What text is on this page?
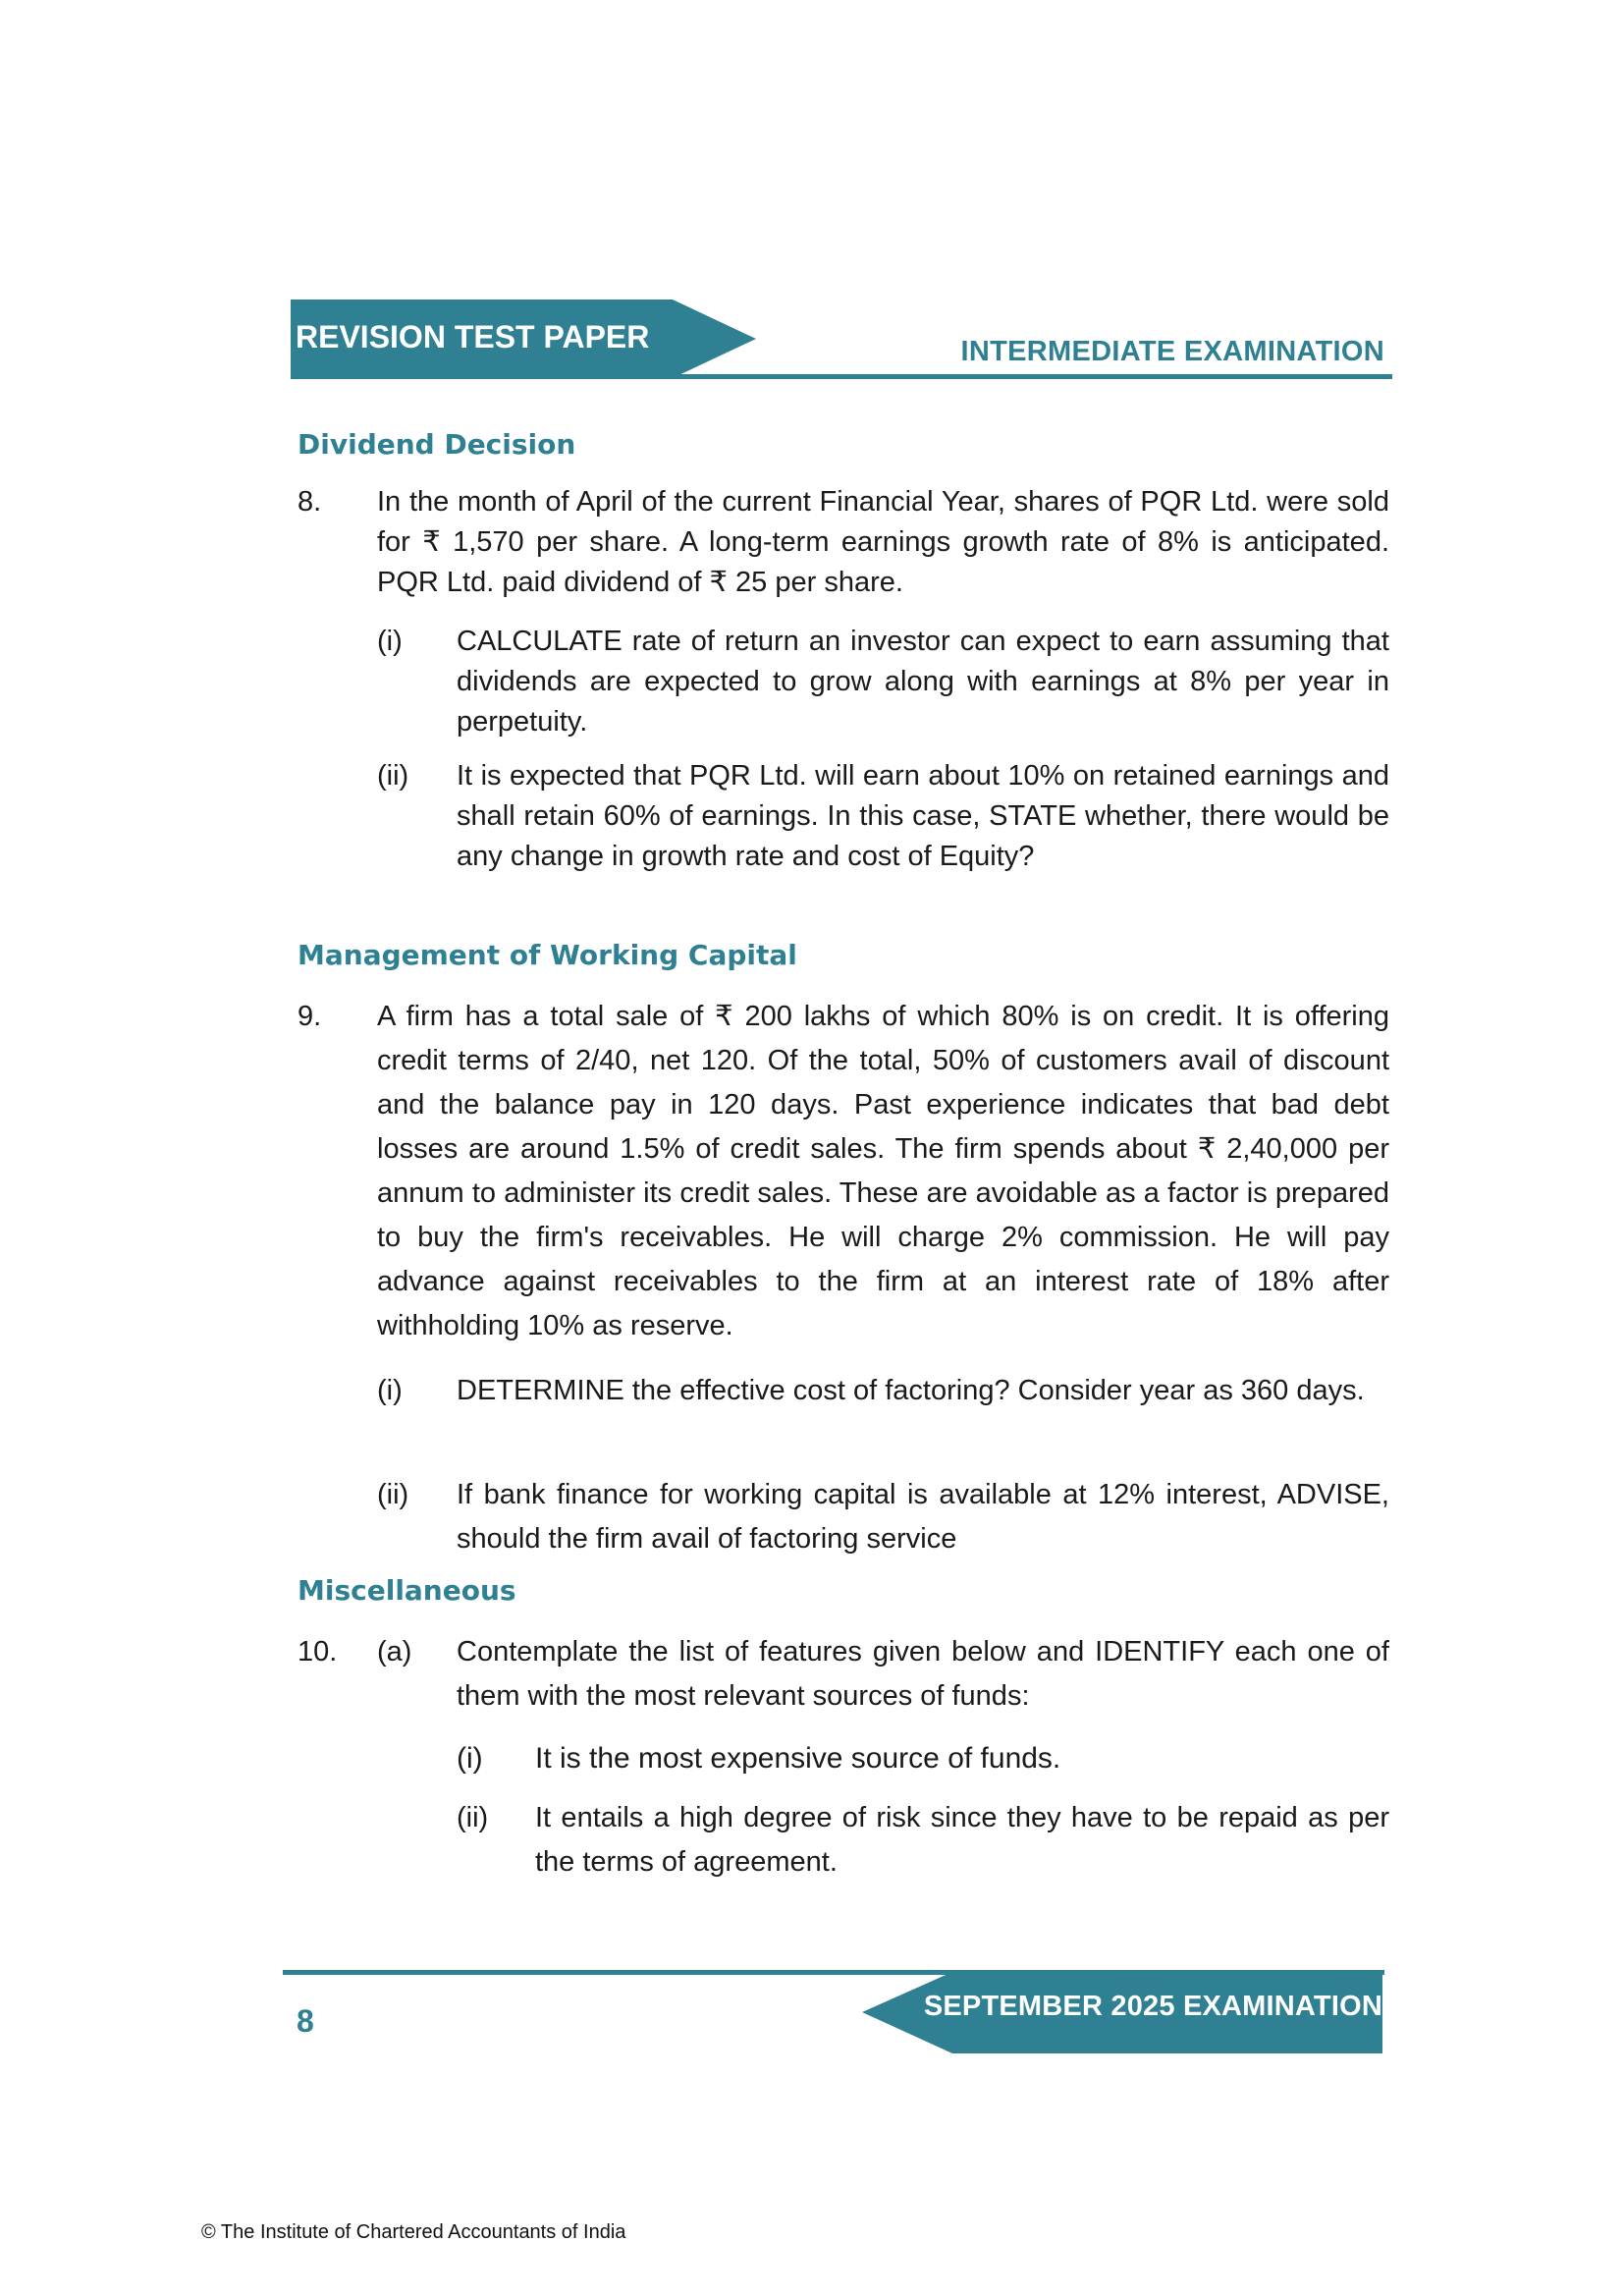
REVISION TEST PAPER	INTERMEDIATE EXAMINATION
Dividend Decision
8. In the month of April of the current Financial Year, shares of PQR Ltd. were sold for ₹ 1,570 per share. A long-term earnings growth rate of 8% is anticipated. PQR Ltd. paid dividend of ₹ 25 per share.
(i) CALCULATE rate of return an investor can expect to earn assuming that dividends are expected to grow along with earnings at 8% per year in perpetuity.
(ii) It is expected that PQR Ltd. will earn about 10% on retained earnings and shall retain 60% of earnings. In this case, STATE whether, there would be any change in growth rate and cost of Equity?
Management of Working Capital
9. A firm has a total sale of ₹ 200 lakhs of which 80% is on credit. It is offering credit terms of 2/40, net 120. Of the total, 50% of customers avail of discount and the balance pay in 120 days. Past experience indicates that bad debt losses are around 1.5% of credit sales. The firm spends about ₹ 2,40,000 per annum to administer its credit sales. These are avoidable as a factor is prepared to buy the firm's receivables. He will charge 2% commission. He will pay advance against receivables to the firm at an interest rate of 18% after withholding 10% as reserve.
(i) DETERMINE the effective cost of factoring? Consider year as 360 days.
(ii) If bank finance for working capital is available at 12% interest, ADVISE, should the firm avail of factoring service
Miscellaneous
10. (a) Contemplate the list of features given below and IDENTIFY each one of them with the most relevant sources of funds:
(i) It is the most expensive source of funds.
(ii) It entails a high degree of risk since they have to be repaid as per the terms of agreement.
8	SEPTEMBER 2025 EXAMINATION
© The Institute of Chartered Accountants of India
